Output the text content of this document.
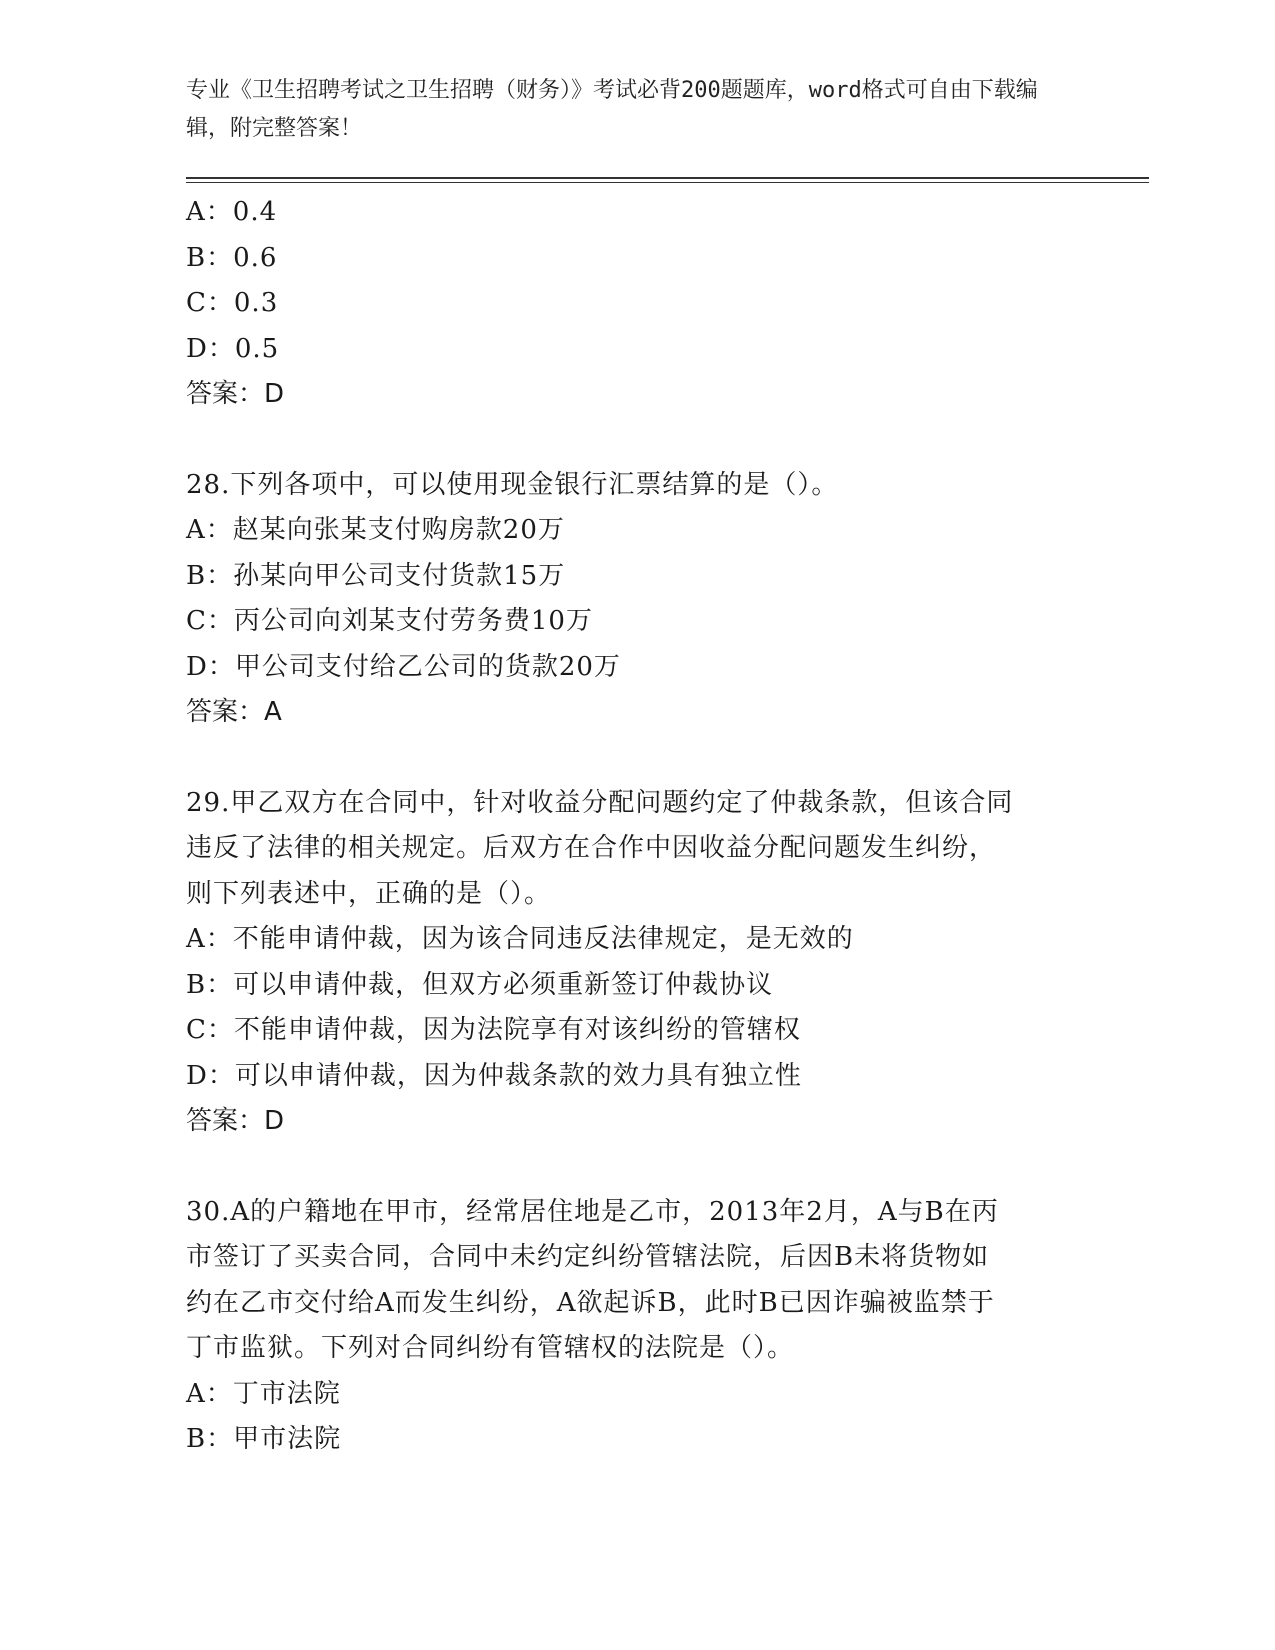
专业《卫生招聘考试之卫生招聘（财务）》考试必背200题题库，word格式可自由下载编辑，附完整答案！
A：0.4
B：0.6
C：0.3
D：0.5
答案：D
28.下列各项中，可以使用现金银行汇票结算的是（）。
A：赵某向张某支付购房款20万
B：孙某向甲公司支付货款15万
C：丙公司向刘某支付劳务费10万
D：甲公司支付给乙公司的货款20万
答案：A
29.甲乙双方在合同中，针对收益分配问题约定了仲裁条款，但该合同
违反了法律的相关规定。后双方在合作中因收益分配问题发生纠纷，
则下列表述中，正确的是（）。
A：不能申请仲裁，因为该合同违反法律规定，是无效的
B：可以申请仲裁，但双方必须重新签订仲裁协议
C：不能申请仲裁，因为法院享有对该纠纷的管辖权
D：可以申请仲裁，因为仲裁条款的效力具有独立性
答案：D
30.A的户籍地在甲市，经常居住地是乙市，2013年2月，A与B在丙
市签订了买卖合同，合同中未约定纠纷管辖法院，后因B未将货物如
约在乙市交付给A而发生纠纷，A欲起诉B，此时B已因诈骗被监禁于
丁市监狱。下列对合同纠纷有管辖权的法院是（）。
A：丁市法院
B：甲市法院
